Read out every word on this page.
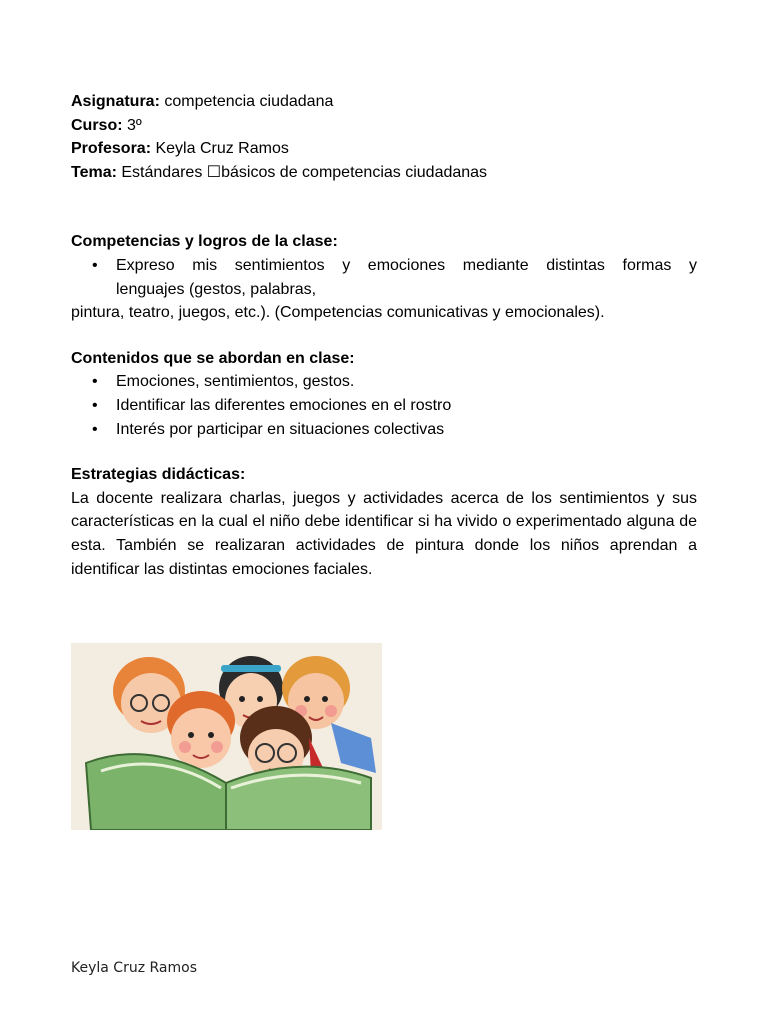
Asignatura: competencia ciudadana

Curso: 3º

Profesora: Keyla Cruz Ramos

Tema: Estándares ☐básicos de competencias ciudadanas

Competencias y logros de la clase:

• Expreso mis sentimientos y emociones mediante distintas formas y
lenguajes (gestos, palabras,

pintura, teatro, juegos, etc.). (Competencias comunicativas y emocionales).

Contenidos que se abordan en clase:

• Emociones, sentimientos, gestos.
• Identificar las diferentes emociones en el rostro
• Interés por participar en situaciones colectivas

Estrategias didácticas:

La docente realizara charlas, juegos y actividades acerca de los sentimientos y sus características en la cual el niño debe identificar si ha vivido o experimentado alguna de esta. También se realizaran actividades de pintura donde los niños aprendan a identificar las distintas emociones faciales.

Keyla Cruz Ramos
